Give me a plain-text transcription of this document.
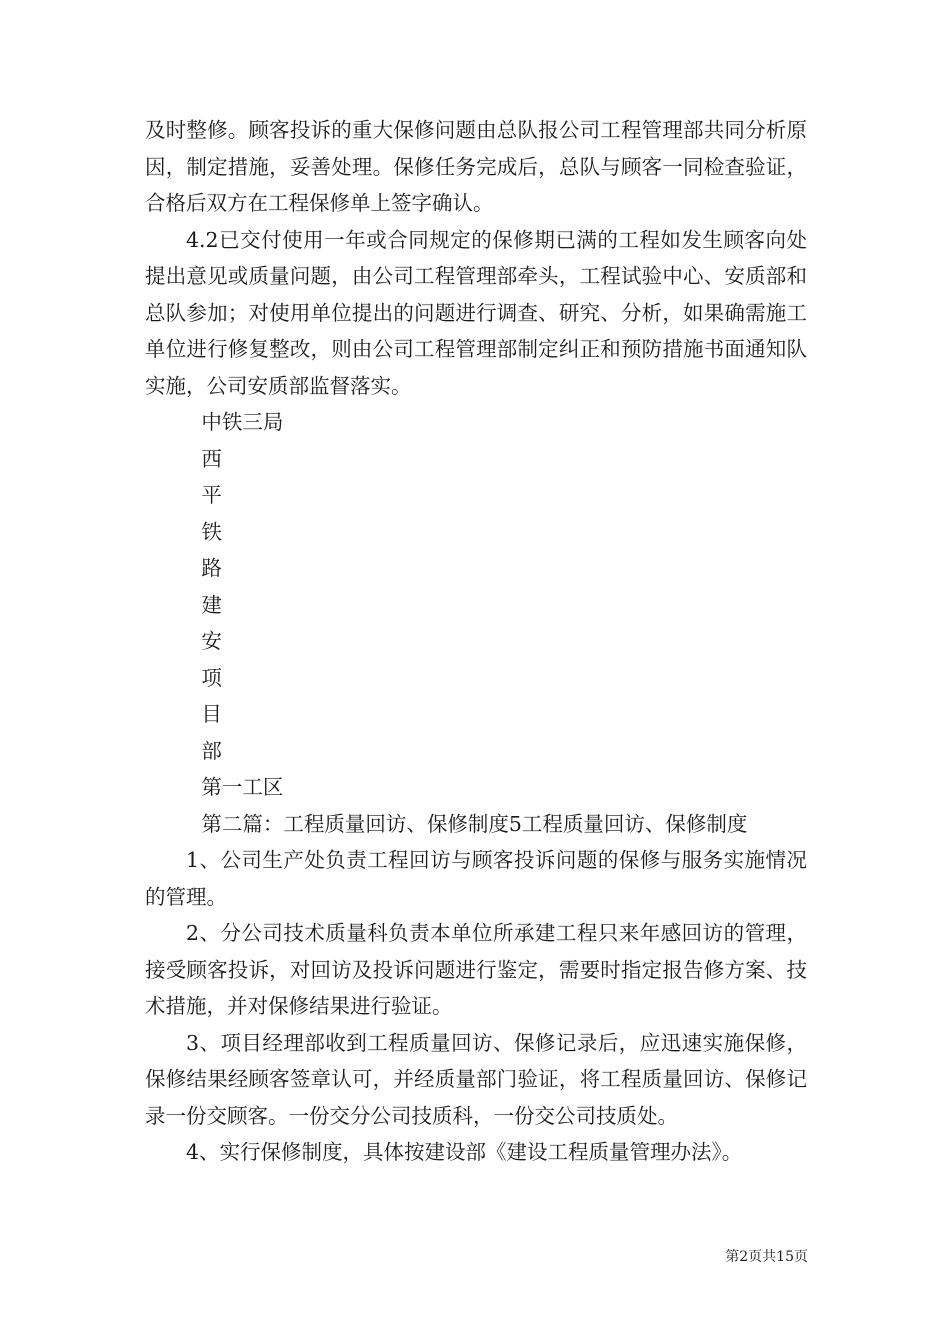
及时整修。顾客投诉的重大保修问题由总队报公司工程管理部共同分析原因，制定措施，妥善处理。保修任务完成后，总队与顾客一同检查验证，合格后双方在工程保修单上签字确认。

4.2已交付使用一年或合同规定的保修期已满的工程如发生顾客向处提出意见或质量问题，由公司工程管理部牵头，工程试验中心、安质部和总队参加；对使用单位提出的问题进行调查、研究、分析，如果确需施工单位进行修复整改，则由公司工程管理部制定纠正和预防措施书面通知队实施，公司安质部监督落实。

中铁三局

西

平

铁

路

建

安

项

目

部

第一工区

第二篇：工程质量回访、保修制度5工程质量回访、保修制度

1、公司生产处负责工程回访与顾客投诉问题的保修与服务实施情况的管理。

2、分公司技术质量科负责本单位所承建工程只来年感回访的管理，接受顾客投诉，对回访及投诉问题进行鉴定，需要时指定报告修方案、技术措施，并对保修结果进行验证。

3、项目经理部收到工程质量回访、保修记录后，应迅速实施保修，保修结果经顾客签章认可，并经质量部门验证，将工程质量回访、保修记录一份交顾客。一份交分公司技质科，一份交公司技质处。

4、实行保修制度，具体按建设部《建设工程质量管理办法》。

第2页共15页
